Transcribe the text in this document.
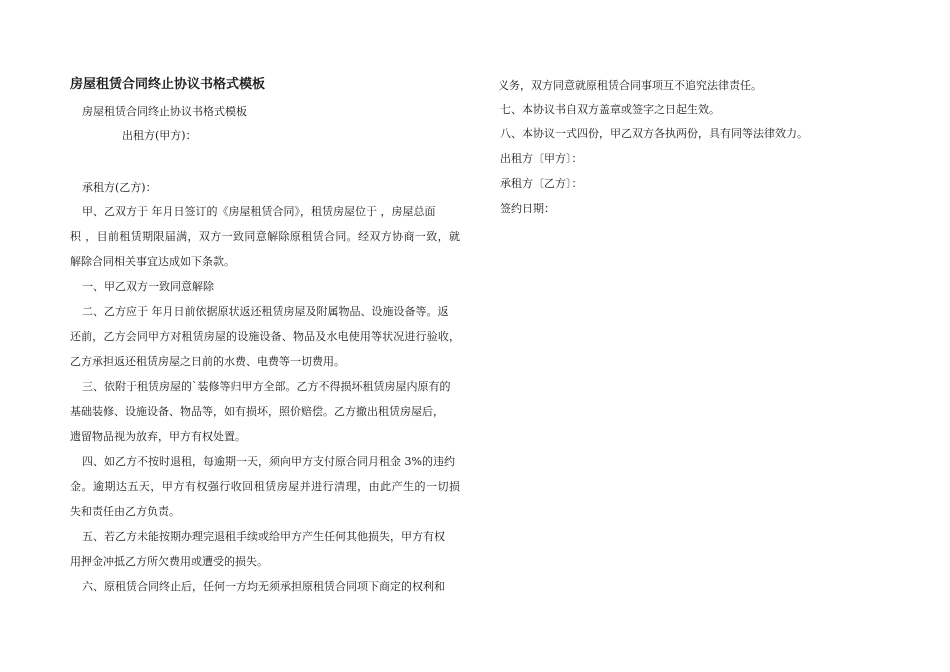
房屋租赁合同终止协议书格式模板
房屋租赁合同终止协议书格式模板
出租方(甲方)：
承租方(乙方)：
甲、乙双方于 年月日签订的《房屋租赁合同》，租赁房屋位于 ，房屋总面
积 ，目前租赁期限届满，双方一致同意解除原租赁合同。经双方协商一致，就
解除合同相关事宜达成如下条款。
一、甲乙双方一致同意解除
二、乙方应于 年月日前依据原状返还租赁房屋及附属物品、设施设备等。返
还前，乙方会同甲方对租赁房屋的设施设备、物品及水电使用等状况进行验收，
乙方承担返还租赁房屋之日前的水费、电费等一切费用。
三、依附于租赁房屋的`装修等归甲方全部。乙方不得损坏租赁房屋内原有的
基础装修、设施设备、物品等，如有损坏，照价赔偿。乙方撤出租赁房屋后，
遗留物品视为放弃，甲方有权处置。
四、如乙方不按时退租，每逾期一天，须向甲方支付原合同月租金 3%的违约
金。逾期达五天，甲方有权强行收回租赁房屋并进行清理，由此产生的一切损
失和责任由乙方负责。
五、若乙方未能按期办理完退租手续或给甲方产生任何其他损失，甲方有权
用押金冲抵乙方所欠费用或遭受的损失。
六、原租赁合同终止后，任何一方均无须承担原租赁合同项下商定的权利和
义务，双方同意就原租赁合同事项互不追究法律责任。
七、本协议书自双方盖章或签字之日起生效。
八、本协议一式四份，甲乙双方各执两份，具有同等法律效力。
出租方〔甲方〕：
承租方〔乙方〕：
签约日期：
